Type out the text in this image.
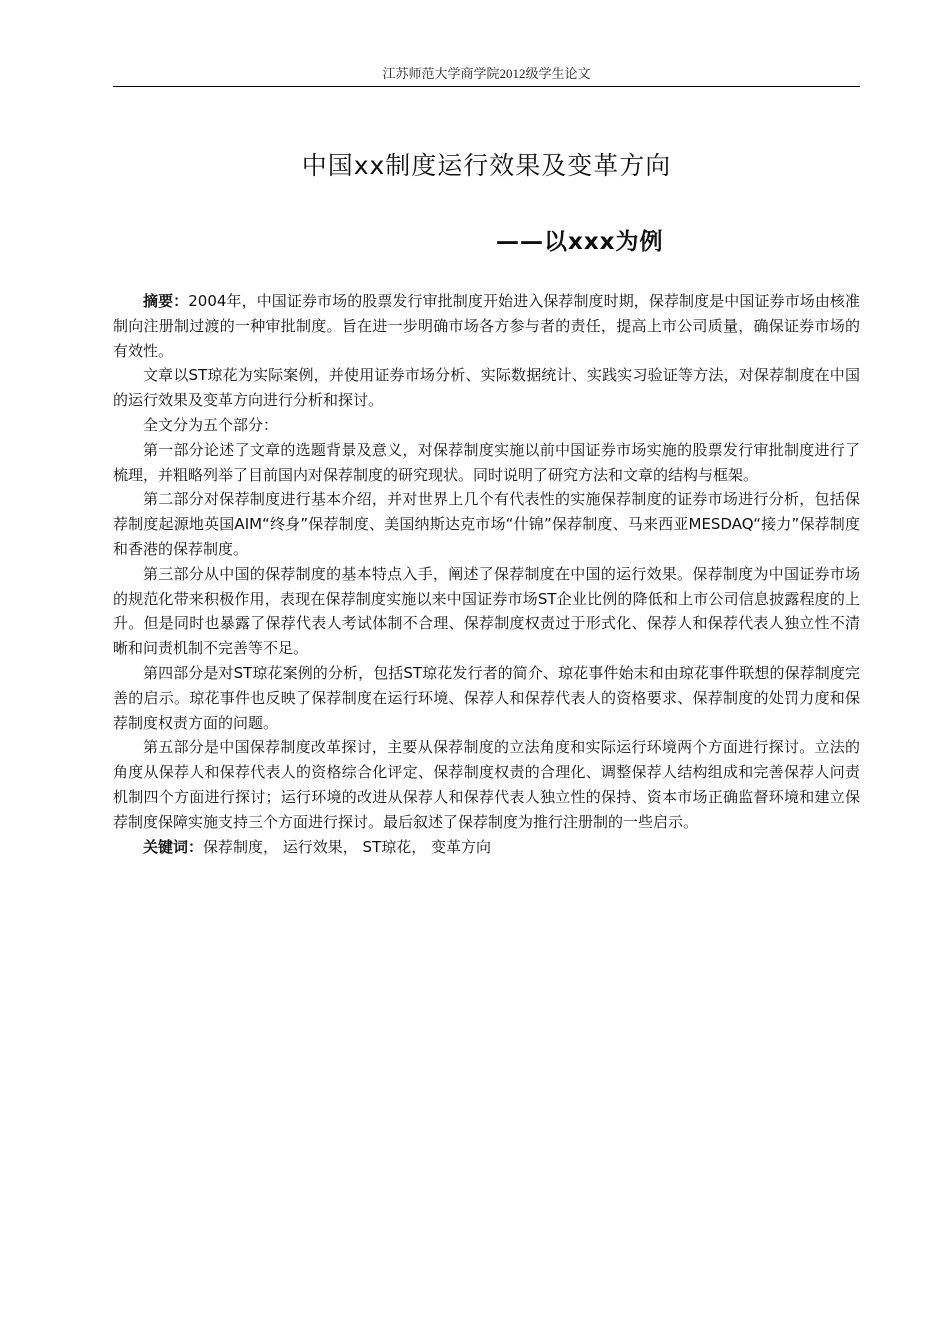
江苏师范大学商学院2012级学生论文
中国xx制度运行效果及变革方向
——以xxx为例

摘要：2004年，中国证券市场的股票发行审批制度开始进入保荐制度时期，保荐制度是中国证券市场由核准制向注册制过渡的一种审批制度。旨在进一步明确市场各方参与者的责任，提高上市公司质量，确保证券市场的有效性。

文章以ST琼花为实际案例，并使用证券市场分析、实际数据统计、实践实习验证等方法，对保荐制度在中国的运行效果及变革方向进行分析和探讨。

全文分为五个部分：

第一部分论述了文章的选题背景及意义，对保荐制度实施以前中国证券市场实施的股票发行审批制度进行了梳理，并粗略列举了目前国内对保荐制度的研究现状。同时说明了研究方法和文章的结构与框架。

第二部分对保荐制度进行基本介绍，并对世界上几个有代表性的实施保荐制度的证券市场进行分析，包括保荐制度起源地英国AIM“终身”保荐制度、美国纳斯达克市场“什锦”保荐制度、马来西亚MESDAQ“接力”保荐制度和香港的保荐制度。

第三部分从中国的保荐制度的基本特点入手，阐述了保荐制度在中国的运行效果。保荐制度为中国证券市场的规范化带来积极作用，表现在保荐制度实施以来中国证券市场ST企业比例的降低和上市公司信息披露程度的上升。但是同时也暴露了保荐代表人考试体制不合理、保荐制度权责过于形式化、保荐人和保荐代表人独立性不清晰和问责机制不完善等不足。

第四部分是对ST琼花案例的分析，包括ST琼花发行者的简介、琼花事件始末和由琼花事件联想的保荐制度完善的启示。琼花事件也反映了保荐制度在运行环境、保荐人和保荐代表人的资格要求、保荐制度的处罚力度和保荐制度权责方面的问题。

第五部分是中国保荐制度改革探讨，主要从保荐制度的立法角度和实际运行环境两个方面进行探讨。立法的角度从保荐人和保荐代表人的资格综合化评定、保荐制度权责的合理化、调整保荐人结构组成和完善保荐人问责机制四个方面进行探讨；运行环境的改进从保荐人和保荐代表人独立性的保持、资本市场正确监督环境和建立保荐制度保障实施支持三个方面进行探讨。最后叙述了保荐制度为推行注册制的一些启示。

关键词：保荐制度， 运行效果， ST琼花， 变革方向
